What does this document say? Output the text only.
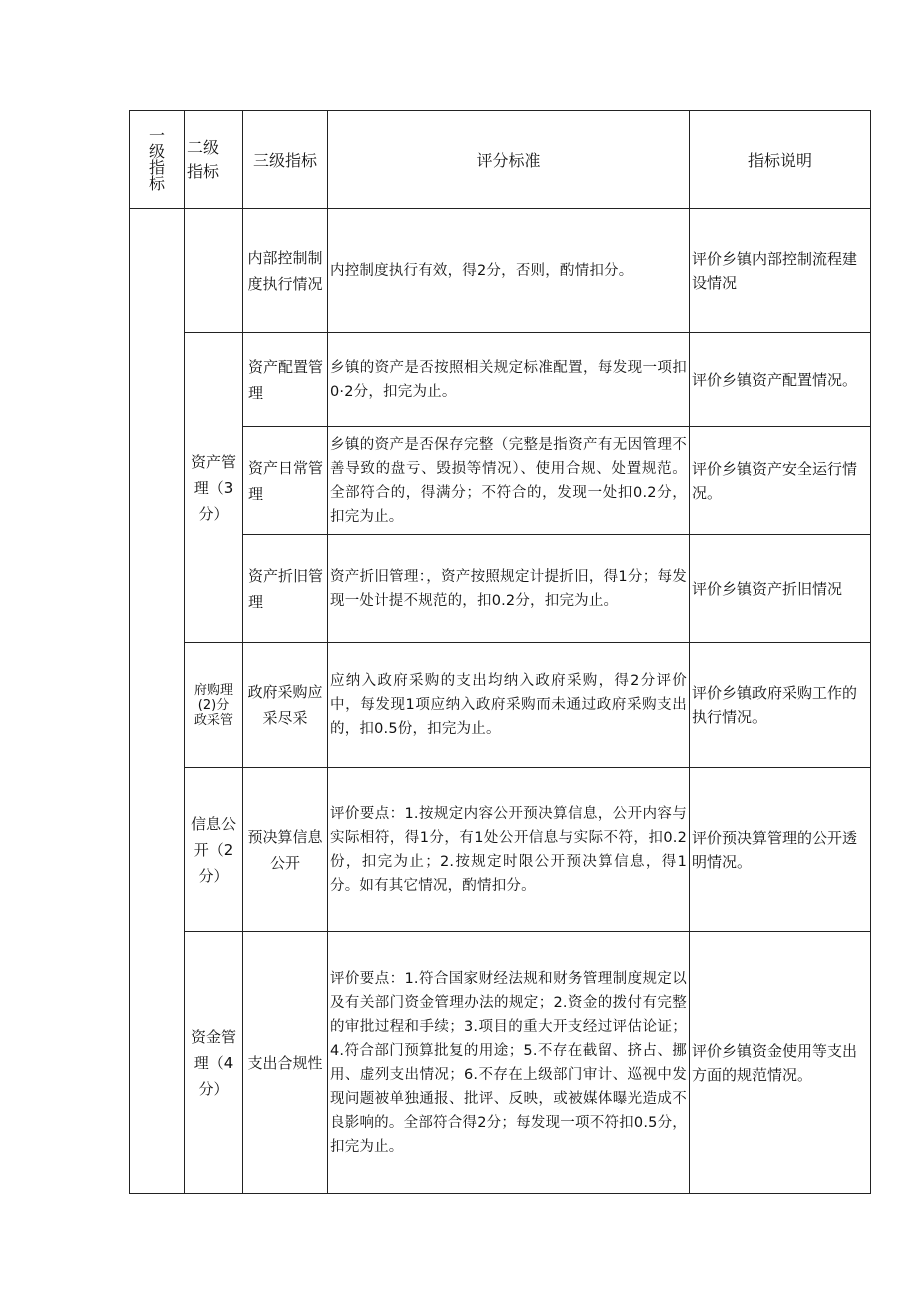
一级指标	二级指标	三级指标	评分标准	指标说明

		内部控制制度执行情况	内控制度执行有效，得2分，否则，酌情扣分。	评价乡镇内部控制流程建设情况

	资产管理（3分）	资产配置管理	乡镇的资产是否按照相关规定标准配置，每发现一项扣0·2分，扣完为止。	评价乡镇资产配置情况。

		资产日常管理	乡镇的资产是否保存完整（完整是指资产有无因管理不善导致的盘亏、毁损等情况）、使用合规、处置规范。全部符合的，得满分；不符合的，发现一处扣0.2分，扣完为止。	评价乡镇资产安全运行情况。

		资产折旧管理	资产折旧管理：，资产按照规定计提折旧，得1分；每发现一处计提不规范的，扣0.2分，扣完为止。	评价乡镇资产折旧情况

	府购理(2)分政采管	政府采购应采尽采	应纳入政府采购的支出均纳入政府采购，得2分评价中，每发现1项应纳入政府采购而未通过政府采购支出的，扣0.5份，扣完为止。	评价乡镇政府采购工作的执行情况。

	信息公开（2分）	预决算信息公开	评价要点：1.按规定内容公开预决算信息，公开内容与实际相符，得1分，有1处公开信息与实际不符，扣0.2份，扣完为止；2.按规定时限公开预决算信息，得1分。如有其它情况，酌情扣分。	评价预决算管理的公开透明情况。

	资金管理（4分）	支出合规性	评价要点：1.符合国家财经法规和财务管理制度规定以及有关部门资金管理办法的规定；2.资金的拨付有完整的审批过程和手续；3.项目的重大开支经过评估论证；4.符合部门预算批复的用途；5.不存在截留、挤占、挪用、虚列支出情况；6.不存在上级部门审计、巡视中发现问题被单独通报、批评、反映，或被媒体曝光造成不良影响的。全部符合得2分；每发现一项不符扣0.5分，扣完为止。	评价乡镇资金使用等支出方面的规范情况。
